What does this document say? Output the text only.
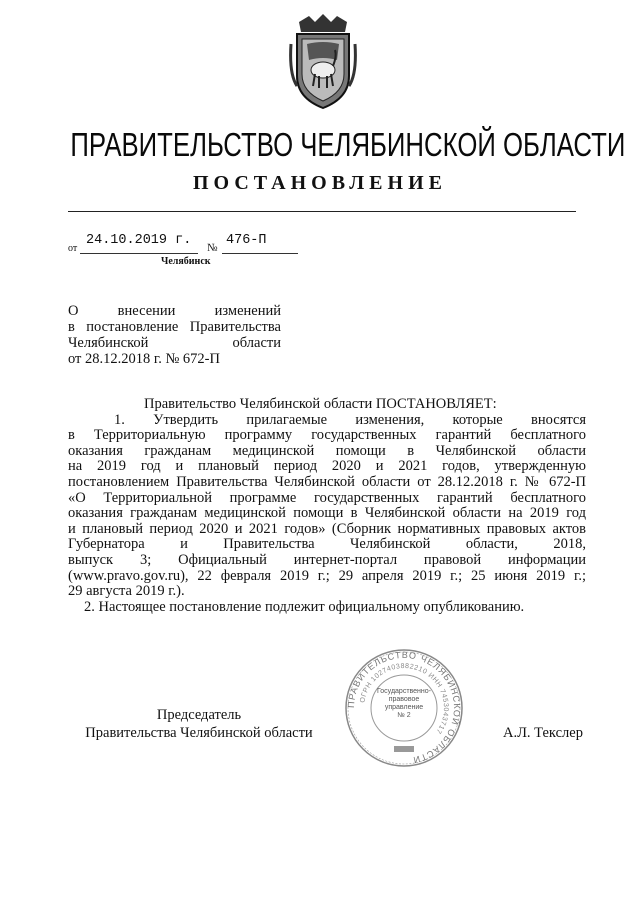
ПРАВИТЕЛЬСТВО ЧЕЛЯБИНСКОЙ ОБЛАСТИ
ПОСТАНОВЛЕНИЕ
от
24.10.2019 г. № 476-П
Челябинск
О внесении изменений
в постановление Правительства
Челябинской области
от 28.12.2018 г. № 672-П
Правительство Челябинской области ПОСТАНОВЛЯЕТ:
1. Утвердить прилагаемые изменения, которые вносятся
в Территориальную программу государственных гарантий бесплатного
оказания гражданам медицинской помощи в Челябинской области
на 2019 год и плановый период 2020 и 2021 годов, утвержденную
постановлением Правительства Челябинской области от 28.12.2018 г. № 672-П
«О Территориальной программе государственных гарантий бесплатного
оказания гражданам медицинской помощи в Челябинской области на 2019 год
и плановый период 2020 и 2021 годов» (Сборник нормативных правовых актов
Губернатора и Правительства Челябинской области, 2018,
выпуск 3; Официальный интернет-портал правовой информации
(www.pravo.gov.ru), 22 февраля 2019 г.; 29 апреля 2019 г.; 25 июня 2019 г.;
29 августа 2019 г.).
2. Настоящее постановление подлежит официальному опубликованию.
ПРАВИТЕЛЬСТВО ЧЕЛЯБИНСКОЙ ОБЛАСТИ
ОГРН 1027403882210 ИНН 7453043717
Государственно-
правовое
управление
№ 2
Председатель
Правительства Челябинской области	А.Л. Текслер
